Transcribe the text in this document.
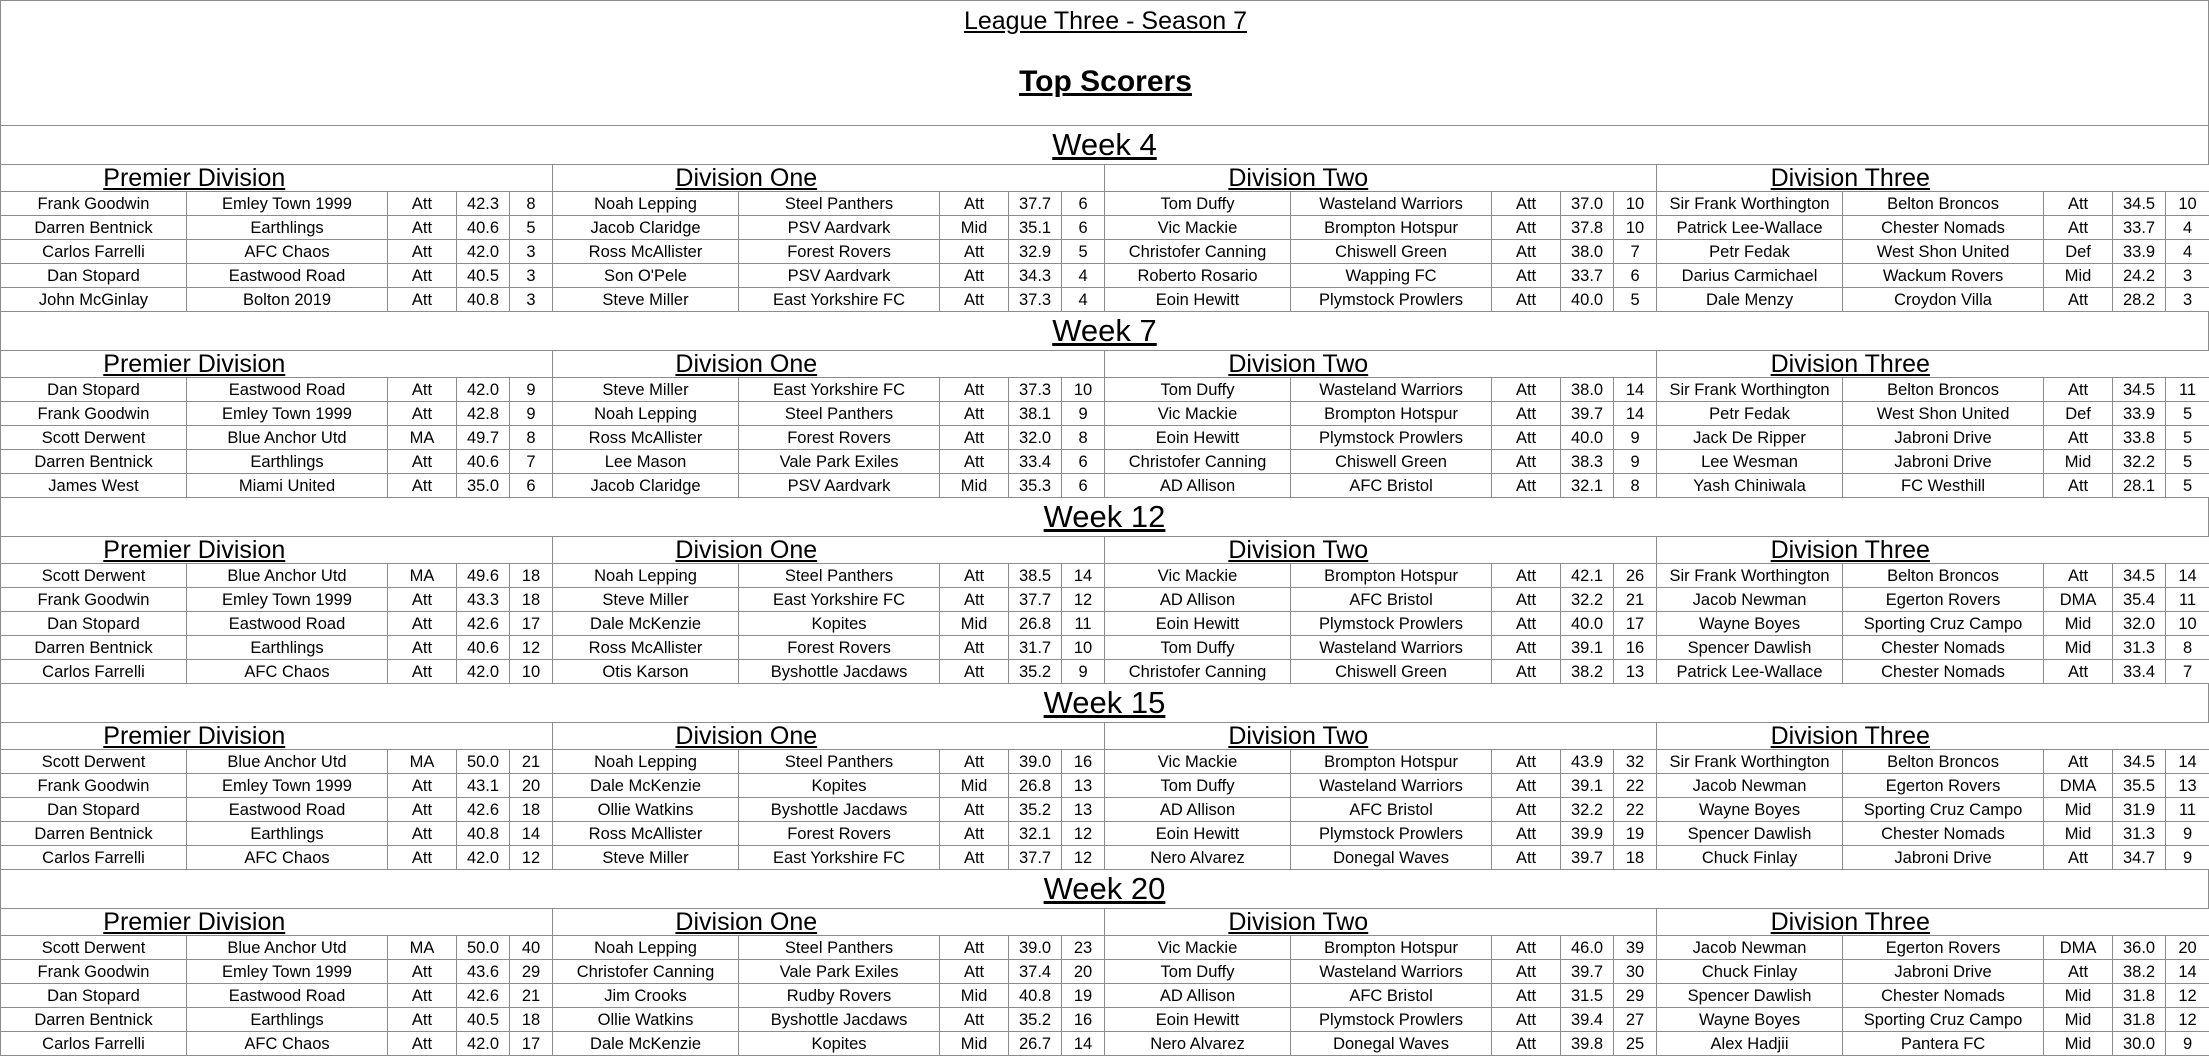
League Three - Season 7
Top Scorers
Week 4
Premier Division					Division One					Division Two					Division Three				
Frank Goodwin	Emley Town 1999	Att	42.3	8	Noah Lepping	Steel Panthers	Att	37.7	6	Tom Duffy	Wasteland Warriors	Att	37.0	10	Sir Frank Worthington	Belton Broncos	Att	34.5	10
Darren Bentnick	Earthlings	Att	40.6	5	Jacob Claridge	PSV Aardvark	Mid	35.1	6	Vic Mackie	Brompton Hotspur	Att	37.8	10	Patrick Lee-Wallace	Chester Nomads	Att	33.7	4
Carlos Farrelli	AFC Chaos	Att	42.0	3	Ross McAllister	Forest Rovers	Att	32.9	5	Christofer Canning	Chiswell Green	Att	38.0	7	Petr Fedak	West Shon United	Def	33.9	4
Dan Stopard	Eastwood Road	Att	40.5	3	Son O'Pele	PSV Aardvark	Att	34.3	4	Roberto Rosario	Wapping FC	Att	33.7	6	Darius Carmichael	Wackum Rovers	Mid	24.2	3
John McGinlay	Bolton 2019	Att	40.8	3	Steve Miller	East Yorkshire FC	Att	37.3	4	Eoin Hewitt	Plymstock Prowlers	Att	40.0	5	Dale Menzy	Croydon Villa	Att	28.2	3
Week 7
Premier Division					Division One					Division Two					Division Three				
Dan Stopard	Eastwood Road	Att	42.0	9	Steve Miller	East Yorkshire FC	Att	37.3	10	Tom Duffy	Wasteland Warriors	Att	38.0	14	Sir Frank Worthington	Belton Broncos	Att	34.5	11
Frank Goodwin	Emley Town 1999	Att	42.8	9	Noah Lepping	Steel Panthers	Att	38.1	9	Vic Mackie	Brompton Hotspur	Att	39.7	14	Petr Fedak	West Shon United	Def	33.9	5
Scott Derwent	Blue Anchor Utd	MA	49.7	8	Ross McAllister	Forest Rovers	Att	32.0	8	Eoin Hewitt	Plymstock Prowlers	Att	40.0	9	Jack De Ripper	Jabroni Drive	Att	33.8	5
Darren Bentnick	Earthlings	Att	40.6	7	Lee Mason	Vale Park Exiles	Att	33.4	6	Christofer Canning	Chiswell Green	Att	38.3	9	Lee Wesman	Jabroni Drive	Mid	32.2	5
James West	Miami United	Att	35.0	6	Jacob Claridge	PSV Aardvark	Mid	35.3	6	AD Allison	AFC Bristol	Att	32.1	8	Yash Chiniwala	FC Westhill	Att	28.1	5
Week 12
Premier Division					Division One					Division Two					Division Three				
Scott Derwent	Blue Anchor Utd	MA	49.6	18	Noah Lepping	Steel Panthers	Att	38.5	14	Vic Mackie	Brompton Hotspur	Att	42.1	26	Sir Frank Worthington	Belton Broncos	Att	34.5	14
Frank Goodwin	Emley Town 1999	Att	43.3	18	Steve Miller	East Yorkshire FC	Att	37.7	12	AD Allison	AFC Bristol	Att	32.2	21	Jacob Newman	Egerton Rovers	DMA	35.4	11
Dan Stopard	Eastwood Road	Att	42.6	17	Dale McKenzie	Kopites	Mid	26.8	11	Eoin Hewitt	Plymstock Prowlers	Att	40.0	17	Wayne Boyes	Sporting Cruz Campo	Mid	32.0	10
Darren Bentnick	Earthlings	Att	40.6	12	Ross McAllister	Forest Rovers	Att	31.7	10	Tom Duffy	Wasteland Warriors	Att	39.1	16	Spencer Dawlish	Chester Nomads	Mid	31.3	8
Carlos Farrelli	AFC Chaos	Att	42.0	10	Otis Karson	Byshottle Jacdaws	Att	35.2	9	Christofer Canning	Chiswell Green	Att	38.2	13	Patrick Lee-Wallace	Chester Nomads	Att	33.4	7
Week 15
Premier Division					Division One					Division Two					Division Three				
Scott Derwent	Blue Anchor Utd	MA	50.0	21	Noah Lepping	Steel Panthers	Att	39.0	16	Vic Mackie	Brompton Hotspur	Att	43.9	32	Sir Frank Worthington	Belton Broncos	Att	34.5	14
Frank Goodwin	Emley Town 1999	Att	43.1	20	Dale McKenzie	Kopites	Mid	26.8	13	Tom Duffy	Wasteland Warriors	Att	39.1	22	Jacob Newman	Egerton Rovers	DMA	35.5	13
Dan Stopard	Eastwood Road	Att	42.6	18	Ollie Watkins	Byshottle Jacdaws	Att	35.2	13	AD Allison	AFC Bristol	Att	32.2	22	Wayne Boyes	Sporting Cruz Campo	Mid	31.9	11
Darren Bentnick	Earthlings	Att	40.8	14	Ross McAllister	Forest Rovers	Att	32.1	12	Eoin Hewitt	Plymstock Prowlers	Att	39.9	19	Spencer Dawlish	Chester Nomads	Mid	31.3	9
Carlos Farrelli	AFC Chaos	Att	42.0	12	Steve Miller	East Yorkshire FC	Att	37.7	12	Nero Alvarez	Donegal Waves	Att	39.7	18	Chuck Finlay	Jabroni Drive	Att	34.7	9
Week 20
Premier Division					Division One					Division Two					Division Three				
Scott Derwent	Blue Anchor Utd	MA	50.0	40	Noah Lepping	Steel Panthers	Att	39.0	23	Vic Mackie	Brompton Hotspur	Att	46.0	39	Jacob Newman	Egerton Rovers	DMA	36.0	20
Frank Goodwin	Emley Town 1999	Att	43.6	29	Christofer Canning	Vale Park Exiles	Att	37.4	20	Tom Duffy	Wasteland Warriors	Att	39.7	30	Chuck Finlay	Jabroni Drive	Att	38.2	14
Dan Stopard	Eastwood Road	Att	42.6	21	Jim Crooks	Rudby Rovers	Mid	40.8	19	AD Allison	AFC Bristol	Att	31.5	29	Spencer Dawlish	Chester Nomads	Mid	31.8	12
Darren Bentnick	Earthlings	Att	40.5	18	Ollie Watkins	Byshottle Jacdaws	Att	35.2	16	Eoin Hewitt	Plymstock Prowlers	Att	39.4	27	Wayne Boyes	Sporting Cruz Campo	Mid	31.8	12
Carlos Farrelli	AFC Chaos	Att	42.0	17	Dale McKenzie	Kopites	Mid	26.7	14	Nero Alvarez	Donegal Waves	Att	39.8	25	Alex Hadjii	Pantera FC	Mid	30.0	9
